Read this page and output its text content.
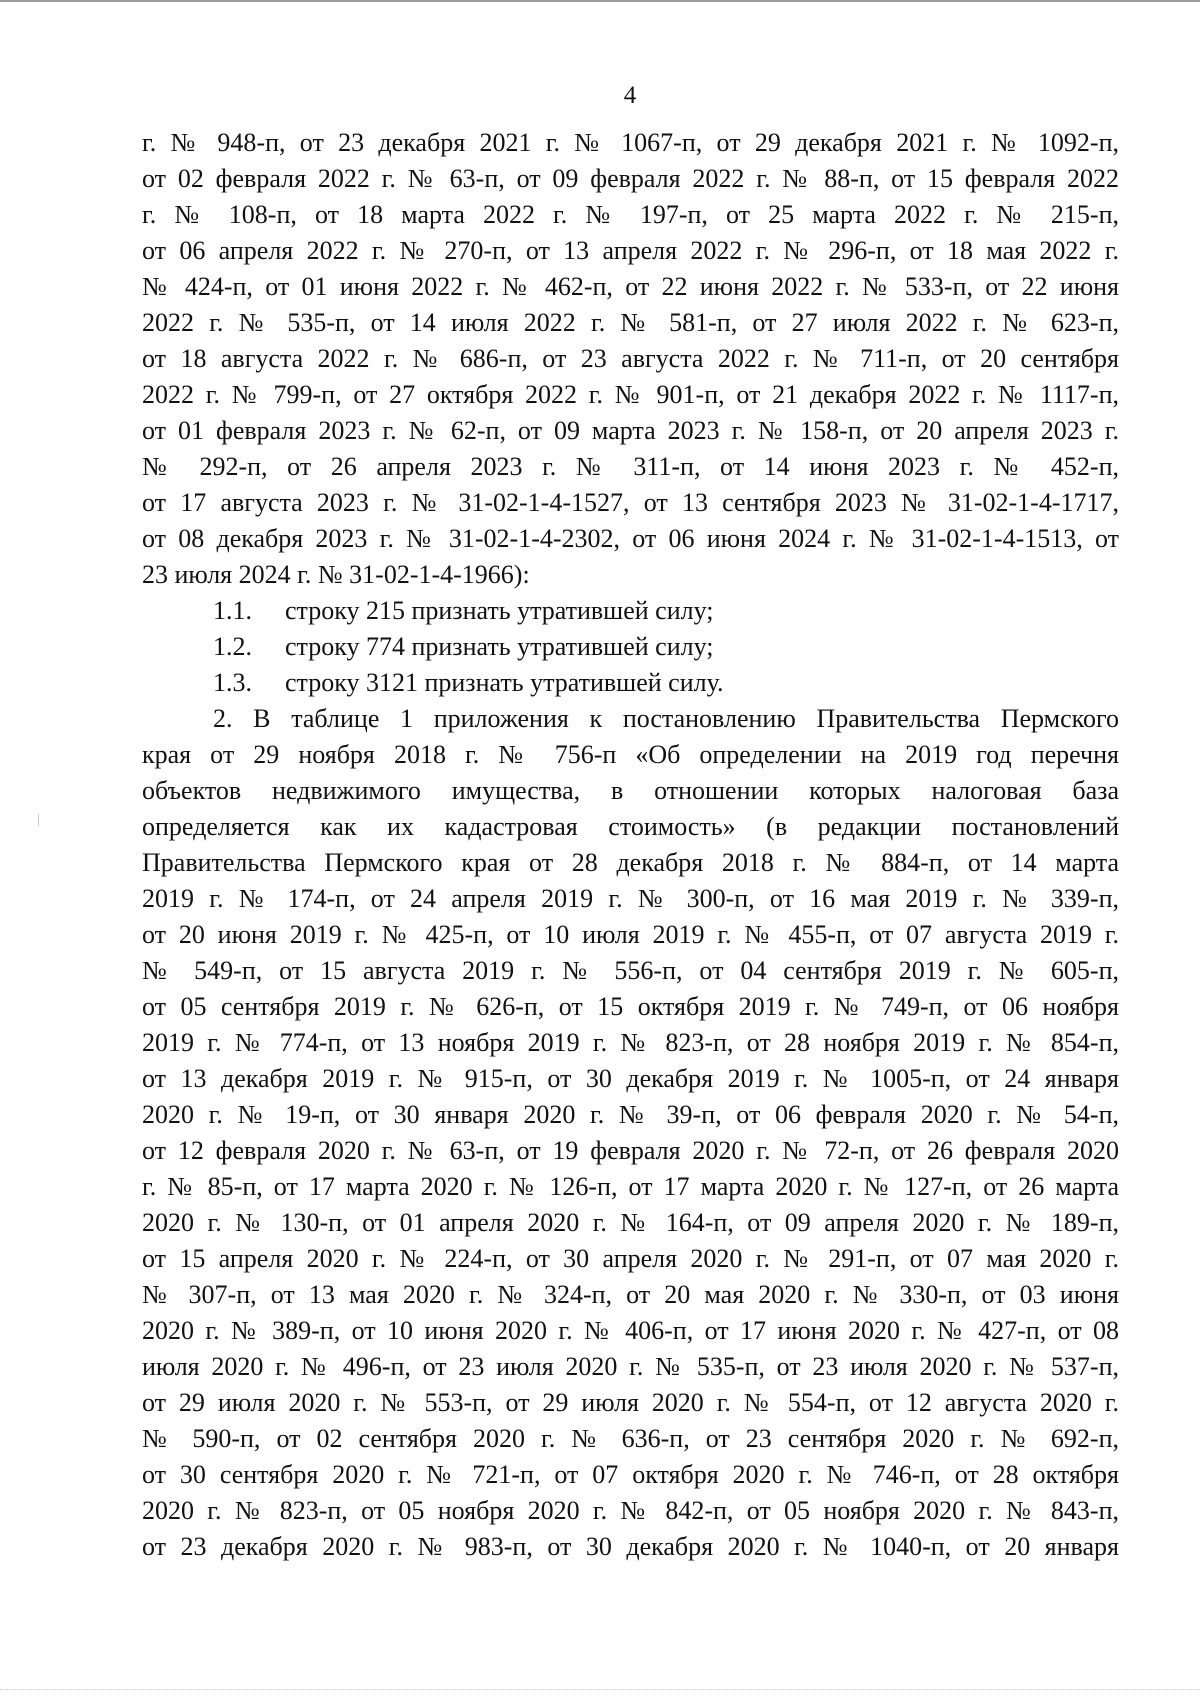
4
г. № 948-п, от 23 декабря 2021 г. № 1067-п, от 29 декабря 2021 г. № 1092-п,
от 02 февраля 2022 г. № 63-п, от 09 февраля 2022 г. № 88-п, от 15 февраля 2022
г. № 108-п, от 18 марта 2022 г. № 197-п, от 25 марта 2022 г. № 215-п,
от 06 апреля 2022 г. № 270-п, от 13 апреля 2022 г. № 296-п, от 18 мая 2022 г.
№ 424-п, от 01 июня 2022 г. № 462-п, от 22 июня 2022 г. № 533-п, от 22 июня
2022 г. № 535-п, от 14 июля 2022 г. № 581-п, от 27 июля 2022 г. № 623-п,
от 18 августа 2022 г. № 686-п, от 23 августа 2022 г. № 711-п, от 20 сентября
2022 г. № 799-п, от 27 октября 2022 г. № 901-п, от 21 декабря 2022 г. № 1117-п,
от 01 февраля 2023 г. № 62-п, от 09 марта 2023 г. № 158-п, от 20 апреля 2023 г.
№ 292-п, от 26 апреля 2023 г. № 311-п, от 14 июня 2023 г. № 452-п,
от 17 августа 2023 г. № 31-02-1-4-1527, от 13 сентября 2023 № 31-02-1-4-1717,
от 08 декабря 2023 г. № 31-02-1-4-2302, от 06 июня 2024 г. № 31-02-1-4-1513, от
23 июля 2024 г. № 31-02-1-4-1966):
1.1. строку 215 признать утратившей силу;
1.2. строку 774 признать утратившей силу;
1.3. строку 3121 признать утратившей силу.
2. В таблице 1 приложения к постановлению Правительства Пермского
края от 29 ноября 2018 г. № 756-п «Об определении на 2019 год перечня
объектов недвижимого имущества, в отношении которых налоговая база
определяется как их кадастровая стоимость» (в редакции постановлений
Правительства Пермского края от 28 декабря 2018 г. № 884-п, от 14 марта
2019 г. № 174-п, от 24 апреля 2019 г. № 300-п, от 16 мая 2019 г. № 339-п,
от 20 июня 2019 г. № 425-п, от 10 июля 2019 г. № 455-п, от 07 августа 2019 г.
№ 549-п, от 15 августа 2019 г. № 556-п, от 04 сентября 2019 г. № 605-п,
от 05 сентября 2019 г. № 626-п, от 15 октября 2019 г. № 749-п, от 06 ноября
2019 г. № 774-п, от 13 ноября 2019 г. № 823-п, от 28 ноября 2019 г. № 854-п,
от 13 декабря 2019 г. № 915-п, от 30 декабря 2019 г. № 1005-п, от 24 января
2020 г. № 19-п, от 30 января 2020 г. № 39-п, от 06 февраля 2020 г. № 54-п,
от 12 февраля 2020 г. № 63-п, от 19 февраля 2020 г. № 72-п, от 26 февраля 2020
г. № 85-п, от 17 марта 2020 г. № 126-п, от 17 марта 2020 г. № 127-п, от 26 марта
2020 г. № 130-п, от 01 апреля 2020 г. № 164-п, от 09 апреля 2020 г. № 189-п,
от 15 апреля 2020 г. № 224-п, от 30 апреля 2020 г. № 291-п, от 07 мая 2020 г.
№ 307-п, от 13 мая 2020 г. № 324-п, от 20 мая 2020 г. № 330-п, от 03 июня
2020 г. № 389-п, от 10 июня 2020 г. № 406-п, от 17 июня 2020 г. № 427-п, от 08
июля 2020 г. № 496-п, от 23 июля 2020 г. № 535-п, от 23 июля 2020 г. № 537-п,
от 29 июля 2020 г. № 553-п, от 29 июля 2020 г. № 554-п, от 12 августа 2020 г.
№ 590-п, от 02 сентября 2020 г. № 636-п, от 23 сентября 2020 г. № 692-п,
от 30 сентября 2020 г. № 721-п, от 07 октября 2020 г. № 746-п, от 28 октября
2020 г. № 823-п, от 05 ноября 2020 г. № 842-п, от 05 ноября 2020 г. № 843-п,
от 23 декабря 2020 г. № 983-п, от 30 декабря 2020 г. № 1040-п, от 20 января
